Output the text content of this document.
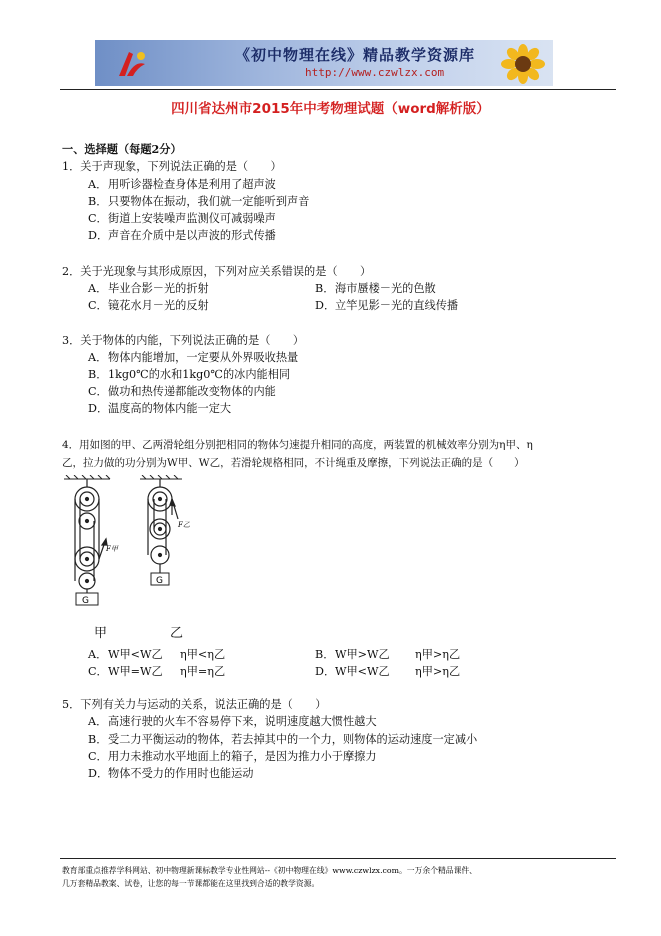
《初中物理在线》精品教学资源库
http://www.czwlzx.com
四川省达州市2015年中考物理试题（word解析版）
一、选择题（每题2分）
1．关于声现象，下列说法正确的是（　　）
A．用听诊器检查身体是利用了超声波
B．只要物体在振动，我们就一定能听到声音
C．街道上安装噪声监测仪可减弱噪声
D．声音在介质中是以声波的形式传播
2．关于光现象与其形成原因，下列对应关系错误的是（　　）
A．毕业合影－光的折射	B．海市蜃楼－光的色散
C．镜花水月－光的反射	D．立竿见影－光的直线传播
3．关于物体的内能，下列说法正确的是（　　）
A．物体内能增加，一定要从外界吸收热量
B．1kg0℃的水和1kg0℃的冰内能相同
C．做功和热传递都能改变物体的内能
D．温度高的物体内能一定大
4．用如图的甲、乙两滑轮组分别把相同的物体匀速提升相同的高度，两装置的机械效率分别为η甲、η
乙，拉力做的功分别为W甲、W乙，若滑轮规格相同，不计绳重及摩擦，下列说法正确的是（　　）
G
G
F甲
F乙
甲	乙
A．W甲<W乙 η甲<η乙	B．W甲>W乙 η甲>η乙
C．W甲=W乙 η甲=η乙	D．W甲<W乙 η甲>η乙
5．下列有关力与运动的关系，说法正确的是（　　）
A．高速行驶的火车不容易停下来，说明速度越大惯性越大
B．受二力平衡运动的物体，若去掉其中的一个力，则物体的运动速度一定减小
C．用力未推动水平地面上的箱子，是因为推力小于摩擦力
D．物体不受力的作用时也能运动
教育部重点推荐学科网站、初中物理新课标教学专业性网站--《初中物理在线》www.czwlzx.com。一万余个精品课件、
几万套精品教案、试卷，让您的每一节课都能在这里找到合适的教学资源。
